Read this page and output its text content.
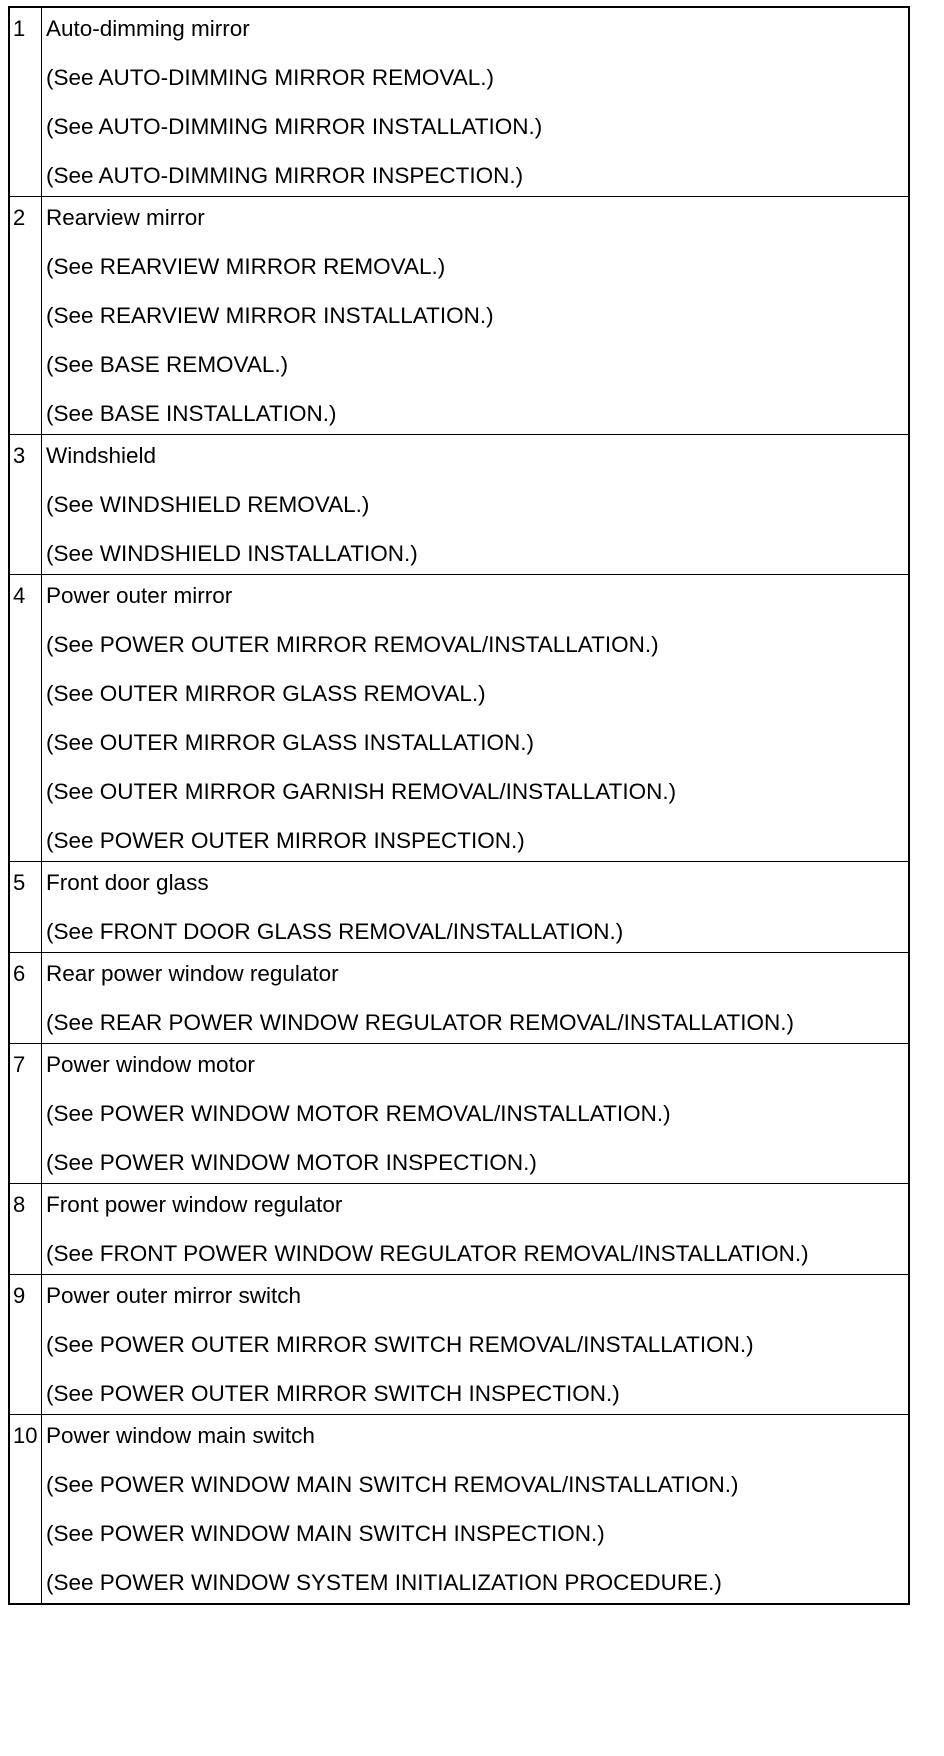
1 Auto-dimming mirror
(See AUTO-DIMMING MIRROR REMOVAL.)
(See AUTO-DIMMING MIRROR INSTALLATION.)
(See AUTO-DIMMING MIRROR INSPECTION.)
2 Rearview mirror
(See REARVIEW MIRROR REMOVAL.)
(See REARVIEW MIRROR INSTALLATION.)
(See BASE REMOVAL.)
(See BASE INSTALLATION.)
3 Windshield
(See WINDSHIELD REMOVAL.)
(See WINDSHIELD INSTALLATION.)
4 Power outer mirror
(See POWER OUTER MIRROR REMOVAL/INSTALLATION.)
(See OUTER MIRROR GLASS REMOVAL.)
(See OUTER MIRROR GLASS INSTALLATION.)
(See OUTER MIRROR GARNISH REMOVAL/INSTALLATION.)
(See POWER OUTER MIRROR INSPECTION.)
5 Front door glass
(See FRONT DOOR GLASS REMOVAL/INSTALLATION.)
6 Rear power window regulator
(See REAR POWER WINDOW REGULATOR REMOVAL/INSTALLATION.)
7 Power window motor
(See POWER WINDOW MOTOR REMOVAL/INSTALLATION.)
(See POWER WINDOW MOTOR INSPECTION.)
8 Front power window regulator
(See FRONT POWER WINDOW REGULATOR REMOVAL/INSTALLATION.)
9 Power outer mirror switch
(See POWER OUTER MIRROR SWITCH REMOVAL/INSTALLATION.)
(See POWER OUTER MIRROR SWITCH INSPECTION.)
10 Power window main switch
(See POWER WINDOW MAIN SWITCH REMOVAL/INSTALLATION.)
(See POWER WINDOW MAIN SWITCH INSPECTION.)
(See POWER WINDOW SYSTEM INITIALIZATION PROCEDURE.)
